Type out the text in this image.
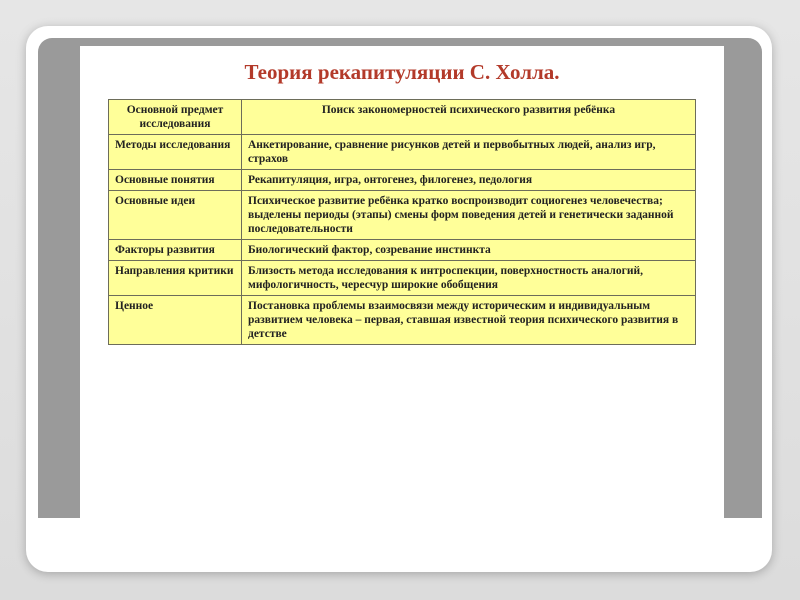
Теория рекапитуляции С. Холла.
Основной предмет исследования	Поиск закономерностей психического развития ребёнка
Методы исследования	Анкетирование, сравнение рисунков детей и первобытных людей, анализ игр, страхов
Основные понятия	Рекапитуляция, игра, онтогенез, филогенез, педология
Основные идеи	Психическое развитие ребёнка кратко воспроизводит социогенез человечества; выделены периоды (этапы) смены форм поведения детей и генетически заданной последовательности
Факторы развития	Биологический фактор, созревание инстинкта
Направления критики	Близость метода исследования к интроспекции, поверхностность аналогий, мифологичность, чересчур широкие обобщения
Ценное	Постановка проблемы взаимосвязи между историческим и индивидуальным развитием человека – первая, ставшая известной теория психического развития в детстве
